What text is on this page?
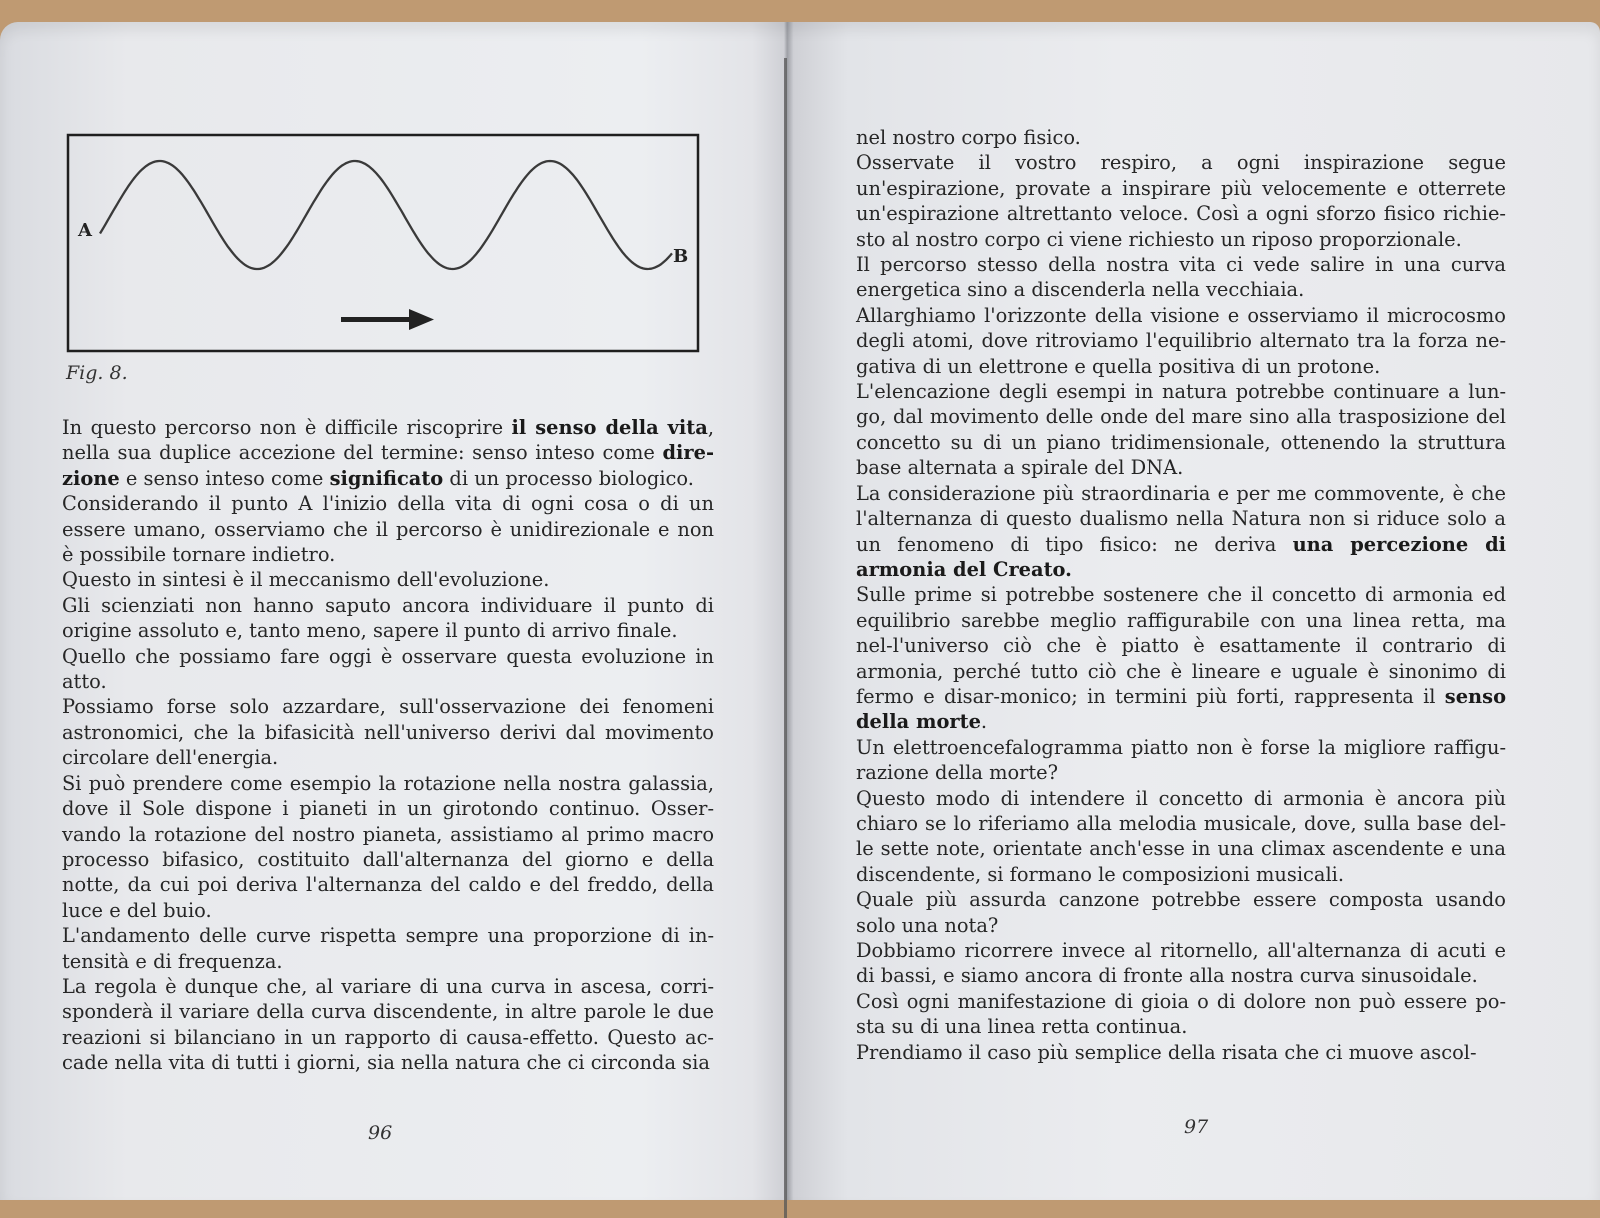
A
B
Fig. 8.

In questo percorso non è difficile riscoprire il senso della vita, nella sua duplice accezione del termine: senso inteso come dire-zione e senso inteso come significato di un processo biologico.

Considerando il punto A l'inizio della vita di ogni cosa o di un essere umano, osserviamo che il percorso è unidirezionale e non è possibile tornare indietro.

Questo in sintesi è il meccanismo dell'evoluzione.

Gli scienziati non hanno saputo ancora individuare il punto di origine assoluto e, tanto meno, sapere il punto di arrivo finale.

Quello che possiamo fare oggi è osservare questa evoluzione in atto.

Possiamo forse solo azzardare, sull'osservazione dei fenomeni astronomici, che la bifasicità nell'universo derivi dal movimento circolare dell'energia.

Si può prendere come esempio la rotazione nella nostra galassia, dove il Sole dispone i pianeti in un girotondo continuo. Osser-vando la rotazione del nostro pianeta, assistiamo al primo macro processo bifasico, costituito dall'alternanza del giorno e della notte, da cui poi deriva l'alternanza del caldo e del freddo, della luce e del buio.

L'andamento delle curve rispetta sempre una proporzione di in-tensità e di frequenza.

La regola è dunque che, al variare di una curva in ascesa, corri-sponderà il variare della curva discendente, in altre parole le due reazioni si bilanciano in un rapporto di causa-effetto. Questo ac-cade nella vita di tutti i giorni, sia nella natura che ci circonda sia

96

nel nostro corpo fisico.

Osservate il vostro respiro, a ogni inspirazione segue un'espirazione, provate a inspirare più velocemente e otterrete un'espirazione altrettanto veloce. Così a ogni sforzo fisico richie-sto al nostro corpo ci viene richiesto un riposo proporzionale.

Il percorso stesso della nostra vita ci vede salire in una curva energetica sino a discenderla nella vecchiaia.

Allarghiamo l'orizzonte della visione e osserviamo il microcosmo degli atomi, dove ritroviamo l'equilibrio alternato tra la forza ne-gativa di un elettrone e quella positiva di un protone.

L'elencazione degli esempi in natura potrebbe continuare a lun-go, dal movimento delle onde del mare sino alla trasposizione del concetto su di un piano tridimensionale, ottenendo la struttura base alternata a spirale del DNA.

La considerazione più straordinaria e per me commovente, è che l'alternanza di questo dualismo nella Natura non si riduce solo a un fenomeno di tipo fisico: ne deriva una percezione di armonia del Creato.

Sulle prime si potrebbe sostenere che il concetto di armonia ed equilibrio sarebbe meglio raffigurabile con una linea retta, ma nel-l'universo ciò che è piatto è esattamente il contrario di armonia, perché tutto ciò che è lineare e uguale è sinonimo di fermo e disar-monico; in termini più forti, rappresenta il senso della morte.

Un elettroencefalogramma piatto non è forse la migliore raffigu-razione della morte?

Questo modo di intendere il concetto di armonia è ancora più chiaro se lo riferiamo alla melodia musicale, dove, sulla base del-le sette note, orientate anch'esse in una climax ascendente e una discendente, si formano le composizioni musicali.

Quale più assurda canzone potrebbe essere composta usando solo una nota?

Dobbiamo ricorrere invece al ritornello, all'alternanza di acuti e di bassi, e siamo ancora di fronte alla nostra curva sinusoidale.

Così ogni manifestazione di gioia o di dolore non può essere po-sta su di una linea retta continua.

Prendiamo il caso più semplice della risata che ci muove ascol-

97
